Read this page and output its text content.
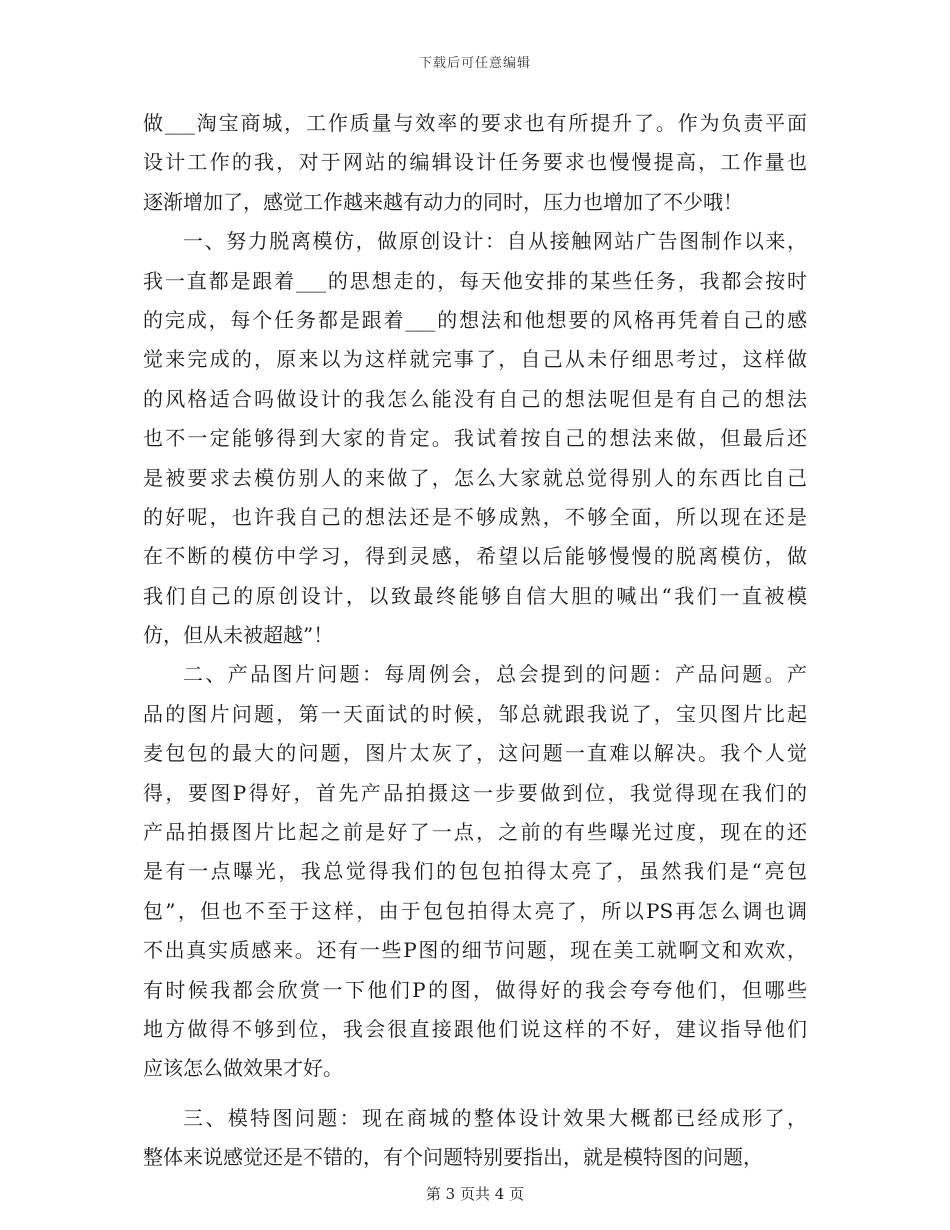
下载后可任意编辑
做___淘宝商城，工作质量与效率的要求也有所提升了。作为负责平面
设计工作的我，对于网站的编辑设计任务要求也慢慢提高，工作量也
逐渐增加了，感觉工作越来越有动力的同时，压力也增加了不少哦！
一、努力脱离模仿，做原创设计：自从接触网站广告图制作以来，
我一直都是跟着___的思想走的，每天他安排的某些任务，我都会按时
的完成，每个任务都是跟着___的想法和他想要的风格再凭着自己的感
觉来完成的，原来以为这样就完事了，自己从未仔细思考过，这样做
的风格适合吗做设计的我怎么能没有自己的想法呢但是有自己的想法
也不一定能够得到大家的肯定。我试着按自己的想法来做，但最后还
是被要求去模仿别人的来做了，怎么大家就总觉得别人的东西比自己
的好呢，也许我自己的想法还是不够成熟，不够全面，所以现在还是
在不断的模仿中学习，得到灵感，希望以后能够慢慢的脱离模仿，做
我们自己的原创设计，以致最终能够自信大胆的喊出“我们一直被模
仿，但从未被超越”！
二、产品图片问题：每周例会，总会提到的问题：产品问题。产
品的图片问题，第一天面试的时候，邹总就跟我说了，宝贝图片比起
麦包包的最大的问题，图片太灰了，这问题一直难以解决。我个人觉
得，要图P得好，首先产品拍摄这一步要做到位，我觉得现在我们的
产品拍摄图片比起之前是好了一点，之前的有些曝光过度，现在的还
是有一点曝光，我总觉得我们的包包拍得太亮了，虽然我们是“亮包
包”，但也不至于这样，由于包包拍得太亮了，所以PS再怎么调也调
不出真实质感来。还有一些P图的细节问题，现在美工就啊文和欢欢，
有时候我都会欣赏一下他们P的图，做得好的我会夸夸他们，但哪些
地方做得不够到位，我会很直接跟他们说这样的不好，建议指导他们
应该怎么做效果才好。
三、模特图问题：现在商城的整体设计效果大概都已经成形了，
整体来说感觉还是不错的，有个问题特别要指出，就是模特图的问题，
第 3 页共 4 页
